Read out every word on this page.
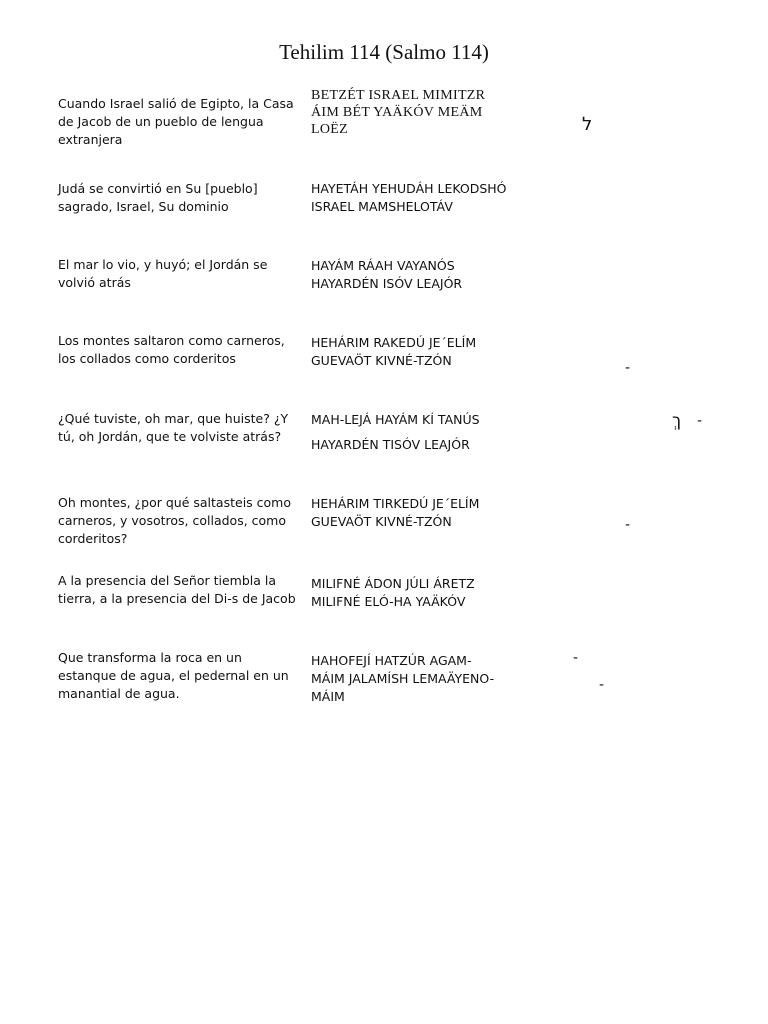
Tehilim 114 (Salmo 114)
Cuando Israel salió de Egipto, la Casa
de Jacob de un pueblo de lengua
extranjera
BETZÉT ISRAEL MIMITZR
ÁIM BÉT YAÄKÓV MEÄM
LOËZ
Judá se convirtió en Su [pueblo]
sagrado, Israel, Su dominio
HAYETÁH YEHUDÁH LEKODSHÓ
ISRAEL MAMSHELOTÁV
El mar lo vio, y huyó; el Jordán se
volvió atrás
HAYÁM RÁAH VAYANÓS
HAYARDÉN ISÓV LEAJÓR
Los montes saltaron como carneros,
los collados como corderitos
HEHÁRIM RAKEDÚ JE´ELÍM
GUEVAÖT KIVNÉ-TZÓN
¿Qué tuviste, oh mar, que huiste? ¿Y
tú, oh Jordán, que te volviste atrás?
MAH-LEJÁ HAYÁM KÍ TANÚS
HAYARDÉN TISÓV LEAJÓR
Oh montes, ¿por qué saltasteis como
carneros, y vosotros, collados, como
corderitos?
HEHÁRIM TIRKEDÚ JE´ELÍM
GUEVAÖT KIVNÉ-TZÓN
A la presencia del Señor tiembla la
tierra, a la presencia del Di-s de Jacob
MILIFNÉ ÁDON JÚLI ÁRETZ
MILIFNÉ ELÓ-HA YAÄKÓV
Que transforma la roca en un
estanque de agua, el pedernal en un
manantial de agua.
HAHOFEJÍ HATZÚR AGAM-
MÁIM JALAMÍSH LEMAÄYENO-
MÁIM
ל
ךְ -
-
-
-
-
